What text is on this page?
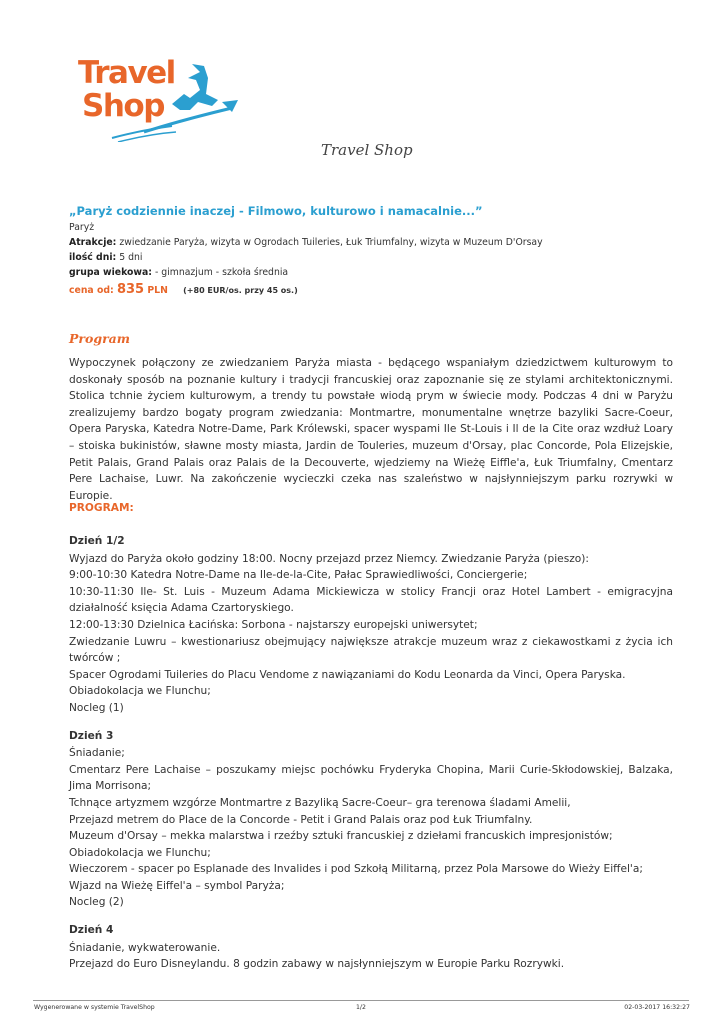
Travel
Shop
Travel Shop
„Paryż codziennie inaczej - Filmowo, kulturowo i namacalnie...”
Paryż
Atrakcje: zwiedzanie Paryża, wizyta w Ogrodach Tuileries, Łuk Triumfalny, wizyta w Muzeum D'Orsay
ilość dni: 5 dni
grupa wiekowa: - gimnazjum - szkoła średnia
cena od: 835 PLN (+80 EUR/os. przy 45 os.)
Program
Wypoczynek połączony ze zwiedzaniem Paryża miasta - będącego wspaniałym dziedzictwem kulturowym to doskonały sposób na poznanie kultury i tradycji francuskiej oraz zapoznanie się ze stylami architektonicznymi. Stolica tchnie życiem kulturowym, a trendy tu powstałe wiodą prym w świecie mody. Podczas 4 dni w Paryżu zrealizujemy bardzo bogaty program zwiedzania: Montmartre, monumentalne wnętrze bazyliki Sacre-Coeur, Opera Paryska, Katedra Notre-Dame, Park Królewski, spacer wyspami Ile St-Louis i Il de la Cite oraz wzdłuż Loary – stoiska bukinistów, sławne mosty miasta, Jardin de Touleries, muzeum d'Orsay, plac Concorde, Pola Elizejskie, Petit Palais, Grand Palais oraz Palais de la Decouverte, wjedziemy na Wieżę Eiffle'a, Łuk Triumfalny, Cmentarz Pere Lachaise, Luwr. Na zakończenie wycieczki czeka nas szaleństwo w najsłynniejszym parku rozrywki w Europie.
PROGRAM:
Dzień 1/2
Wyjazd do Paryża około godziny 18:00. Nocny przejazd przez Niemcy. Zwiedzanie Paryża (pieszo):
9:00-10:30 Katedra Notre-Dame na Ile-de-la-Cite, Pałac Sprawiedliwości, Conciergerie;
10:30-11:30 Ile- St. Luis - Muzeum Adama Mickiewicza w stolicy Francji oraz Hotel Lambert - emigracyjna działalność księcia Adama Czartoryskiego.
12:00-13:30 Dzielnica Łacińska: Sorbona - najstarszy europejski uniwersytet;
Zwiedzanie Luwru – kwestionariusz obejmujący największe atrakcje muzeum wraz z ciekawostkami z życia ich twórców ;
Spacer Ogrodami Tuileries do Placu Vendome z nawiązaniami do Kodu Leonarda da Vinci, Opera Paryska.
Obiadokolacja we Flunchu;
Nocleg (1)
Dzień 3
Śniadanie;
Cmentarz Pere Lachaise – poszukamy miejsc pochówku Fryderyka Chopina, Marii Curie-Skłodowskiej, Balzaka, Jima Morrisona;
Tchnące artyzmem wzgórze Montmartre z Bazyliką Sacre-Coeur– gra terenowa śladami Amelii,
Przejazd metrem do Place de la Concorde - Petit i Grand Palais oraz pod Łuk Triumfalny.
Muzeum d'Orsay – mekka malarstwa i rzeźby sztuki francuskiej z dziełami francuskich impresjonistów;
Obiadokolacja we Flunchu;
Wieczorem - spacer po Esplanade des Invalides i pod Szkołą Militarną, przez Pola Marsowe do Wieży Eiffel'a;
Wjazd na Wieżę Eiffel'a – symbol Paryża;
Nocleg (2)
Dzień 4
Śniadanie, wykwaterowanie.
Przejazd do Euro Disneylandu. 8 godzin zabawy w najsłynniejszym w Europie Parku Rozrywki.
Wygenerowane w systemie TravelShop	1/2	02-03-2017 16:32:27
